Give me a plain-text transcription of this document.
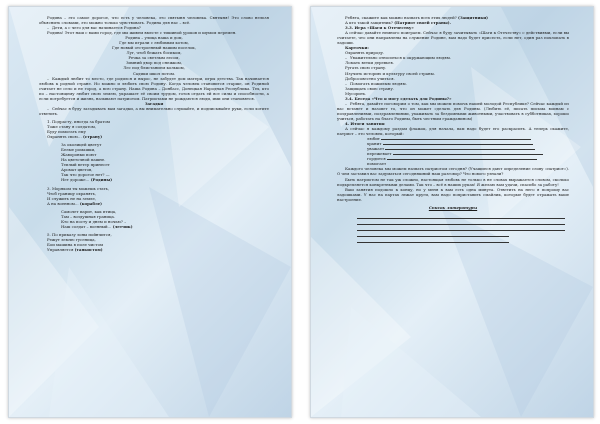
Родина – это самое дорогое, что есть у человека, это святыня человека. Святыня! Это слово нельзя объяснить словами, это можно только чувствовать. Родина для нас – всё.

– Дети, а с чего для вас начинается Родина?

Родина! Этот наш с вами город, где мы живем вместе с тишиной уроков и шумом перемен.

Родина – улица наша и дом,

Где мы играли с любимым котом,

Где новый отстроенный нашим поселок,

Луг, чтоб бежать босиком,

Речка за светлым лесом,

Зимний двор под снежком,

Лес под блистанием кольком,

Садики школ потом.

– Каждый любит то место, где родился и вырос, не забудет дом матери, игры детства. Так начинается любовь к родной стране. Но можно и любить свою Родину. Когда человек становится старше, он Родиной считает не село и не город, а всю страну. Наша Родина – Донбасс, Донецкая Народная Республика. Тех, кто по – настоящему любит свою землю, украшает её своим трудом, готов отдать ей все силы и способности, а если потребуется и жизнь, называют патриотом. Патриотами не рождаются люди, ими они становятся.

Загадки

– Сейчас я буду загадывать вам загадки, а вы внимательно слушайте, и подписывайте руки, если хотите ответить.

1. Подрасту, иногда за братом
Тоже стану я солдатом,
Буду помогать ему
Охранять свою… (страну)
За околицей цветут
Белые ромашки,
Жаворонки поют
На цветочной пашне.
Теплый ветер принесет
Аромат цветов,
Так что дорогое нет? —
Нет дороже… (Родины)
3. Моряком ты можешь стать,
Чтоб границу охранять,
И служить не на земле,
А на военном… (корабле)
Самолет парит, как птица,
Там – воздушная граница.
Кто на посту и днем и ночью? –
Наш солдат – военный… (летчик)
5. По приказу зоны пойнчится,
Режут землю гусеница,
Бои машина в поле чистом
Управляется (танкистом)

Ребята, скажите как можно назвать всех этих людей? (Защитники)

А кто такой защитник? (Патриот своей страны).

3.3. Игра «Шаги к Отечеству»

А сейчас давайте немного поиграем. Сейчас я буду зачитывать «Шаги к Отечеству» с действиями, если вы считаете, что они направлены на служение Родине, вам надо будет присесть, если нет, один раз похлопать в ладоши.

Карточки:

Охранять природу.

– Уважительно относиться к окружающим людям.

Ломать ветки деревьев.

Ругать свою страну.

Изучить историю и культуру своей страны.

Добросовестно учиться.

– Помогать пожилым людям.

Защищать свою страну.

Мусорить.

3.4. Беседа «Что я могу сделать для Родины?»

– Ребята, давайте поговорим о том, как мы можем помочь нашей молодой Республике? Сейчас каждый из вас встанет и назовет то, что он может сделать для Родины. (Любить её, писать письма воинам с поздравлениями, поздравлениями, ухаживать за бездомными животными, участвовать в субботниках, хорошо учиться, работать на благо Родины, быть честным гражданином)

4. Итоги занятия

А сейчас я каждому раздам флажок, для начала, вам надо будет его раскрасить. А теперь скажите, патриот – это человек, который:

любит
хранит
уважает
пережевает
гордится
помогает

Каждого человека мы можем назвать патриотом сегодня? (Учащиеся дают определение слову «патриот»). О чем заставил вас задуматься сегодняшний наш разговор? Что нового узнали?

Быть патриотом не так уж сложно, настоящая любовь не только в не словах выражается словом, сколько подкрепляется конкретными делами. Так что – всё в наших руках! Я желаю вам удачи, спасибо за работу!

Ваш занятия подошло к концу, но у меня к вам есть одна минута. Ответить на него я попрошу вас ладошками. У нас на партах лежат круги, вам надо поприставить смайлик, которые будет отражать ваше настроение.

Список литературы
